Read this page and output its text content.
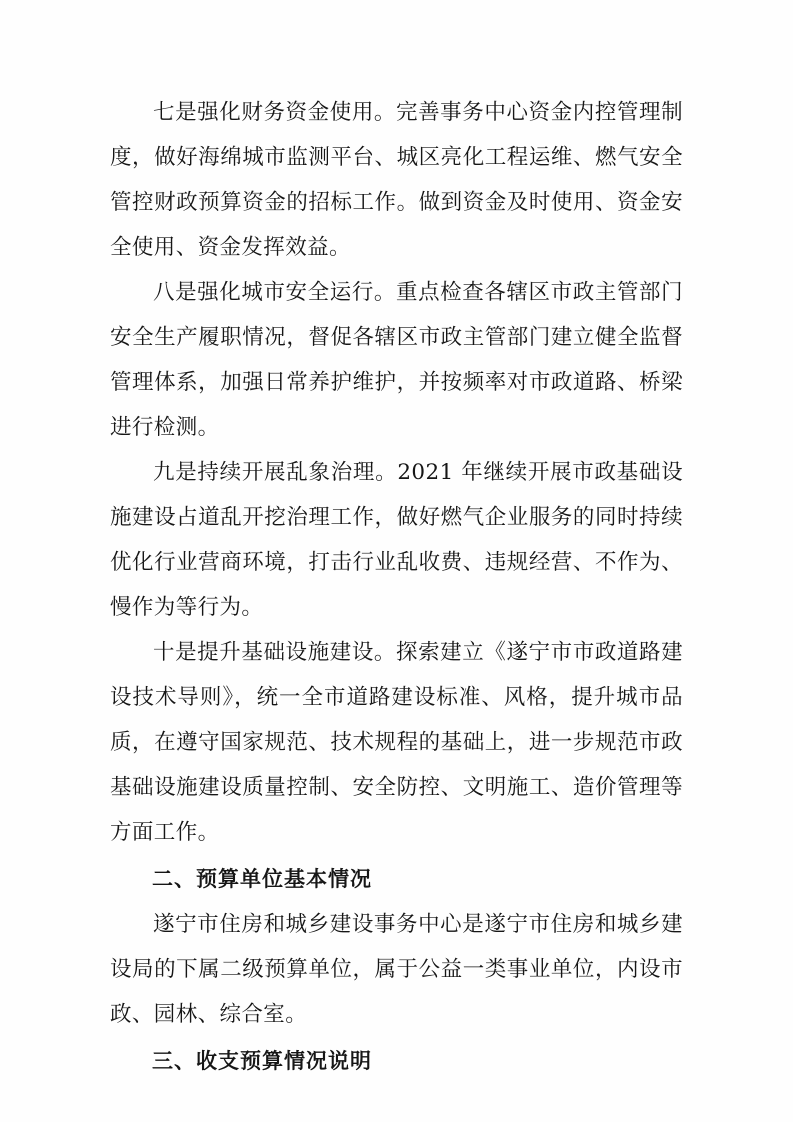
七是强化财务资金使用。完善事务中心资金内控管理制度，做好海绵城市监测平台、城区亮化工程运维、燃气安全管控财政预算资金的招标工作。做到资金及时使用、资金安全使用、资金发挥效益。

八是强化城市安全运行。重点检查各辖区市政主管部门安全生产履职情况，督促各辖区市政主管部门建立健全监督管理体系，加强日常养护维护，并按频率对市政道路、桥梁进行检测。

九是持续开展乱象治理。2021 年继续开展市政基础设施建设占道乱开挖治理工作，做好燃气企业服务的同时持续优化行业营商环境，打击行业乱收费、违规经营、不作为、慢作为等行为。

十是提升基础设施建设。探索建立《遂宁市市政道路建设技术导则》，统一全市道路建设标准、风格，提升城市品质，在遵守国家规范、技术规程的基础上，进一步规范市政基础设施建设质量控制、安全防控、文明施工、造价管理等方面工作。

二、预算单位基本情况

遂宁市住房和城乡建设事务中心是遂宁市住房和城乡建设局的下属二级预算单位，属于公益一类事业单位，内设市政、园林、综合室。

三、收支预算情况说明
